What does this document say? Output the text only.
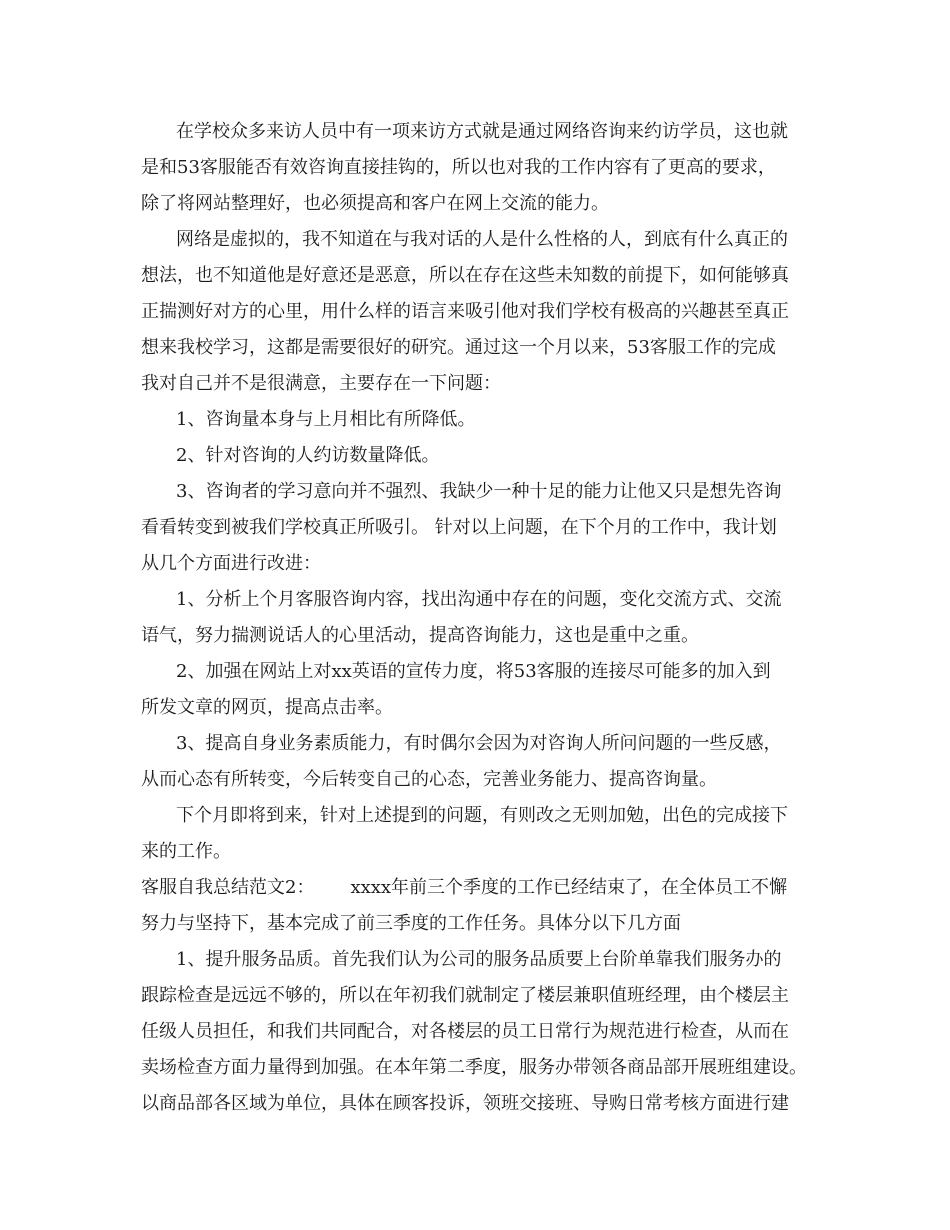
在学校众多来访人员中有一项来访方式就是通过网络咨询来约访学员，这也就
是和53客服能否有效咨询直接挂钩的，所以也对我的工作内容有了更高的要求，
除了将网站整理好，也必须提高和客户在网上交流的能力。
网络是虚拟的，我不知道在与我对话的人是什么性格的人，到底有什么真正的
想法，也不知道他是好意还是恶意，所以在存在这些未知数的前提下，如何能够真
正揣测好对方的心里，用什么样的语言来吸引他对我们学校有极高的兴趣甚至真正
想来我校学习，这都是需要很好的研究。通过这一个月以来，53客服工作的完成
我对自己并不是很满意，主要存在一下问题：
1、咨询量本身与上月相比有所降低。
2、针对咨询的人约访数量降低。
3、咨询者的学习意向并不强烈、我缺少一种十足的能力让他又只是想先咨询
看看转变到被我们学校真正所吸引。 针对以上问题，在下个月的工作中，我计划
从几个方面进行改进：
1、分析上个月客服咨询内容，找出沟通中存在的问题，变化交流方式、交流
语气，努力揣测说话人的心里活动，提高咨询能力，这也是重中之重。
2、加强在网站上对xx英语的宣传力度，将53客服的连接尽可能多的加入到
所发文章的网页，提高点击率。
3、提高自身业务素质能力，有时偶尔会因为对咨询人所问问题的一些反感，
从而心态有所转变，今后转变自己的心态，完善业务能力、提高咨询量。
下个月即将到来，针对上述提到的问题，有则改之无则加勉，出色的完成接下
来的工作。
客服自我总结范文2： xxxx年前三个季度的工作已经结束了，在全体员工不懈
努力与坚持下，基本完成了前三季度的工作任务。具体分以下几方面
1、提升服务品质。首先我们认为公司的服务品质要上台阶单靠我们服务办的
跟踪检查是远远不够的，所以在年初我们就制定了楼层兼职值班经理，由个楼层主
任级人员担任，和我们共同配合，对各楼层的员工日常行为规范进行检查，从而在
卖场检查方面力量得到加强。在本年第二季度，服务办带领各商品部开展班组建设。
以商品部各区域为单位，具体在顾客投诉，领班交接班、导购日常考核方面进行建
